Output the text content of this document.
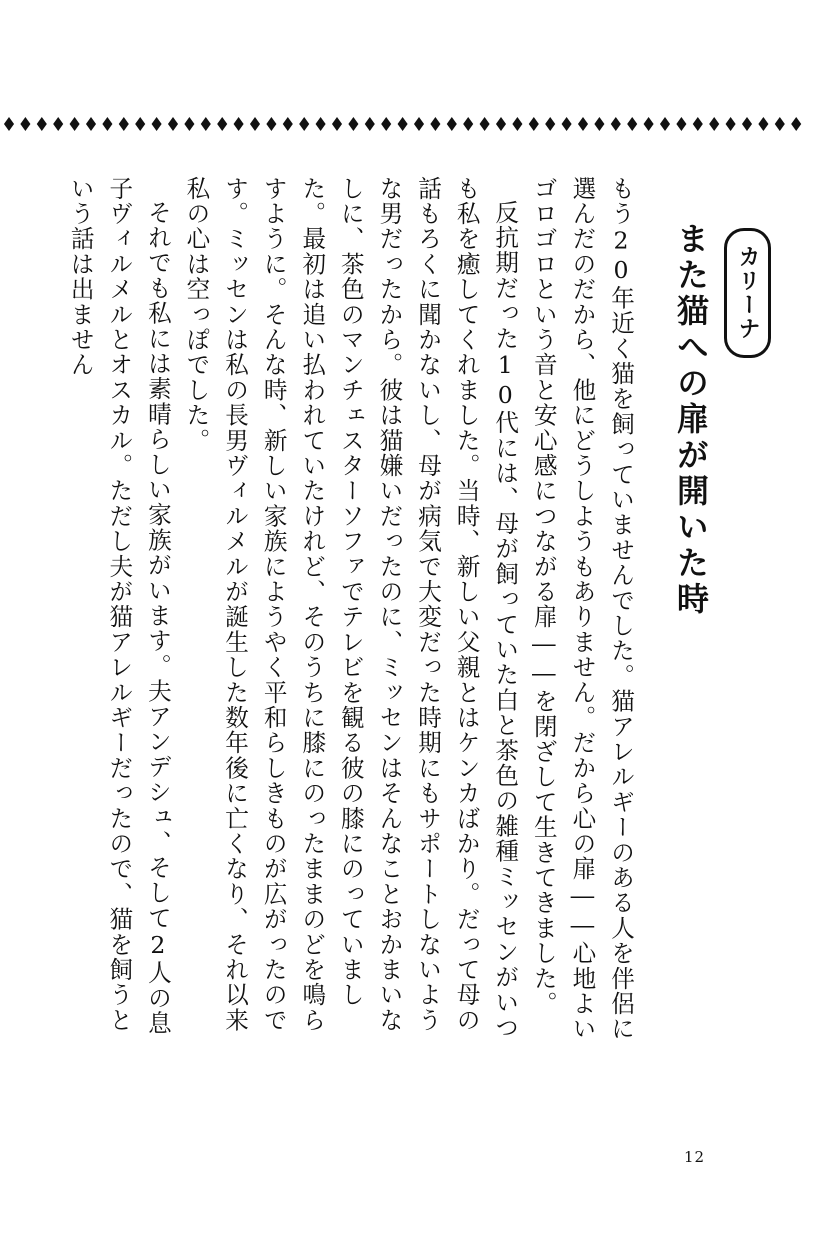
カリーナ
また猫への扉が開いた時

もう20年近く猫を飼っていませんでした。猫アレルギーのある人を伴侶に選んだのだから、他にどうしようもありません。だから心の扉――心地よいゴロゴロという音と安心感につながる扉――を閉ざして生きてきました。

反抗期だった10代には、母が飼っていた白と茶色の雑種ミッセンがいつも私を癒してくれました。当時、新しい父親とはケンカばかり。だって母の話もろくに聞かないし、母が病気で大変だった時期にもサポートしないような男だったから。彼は猫嫌いだったのに、ミッセンはそんなことおかまいなしに、茶色のマンチェスターソファでテレビを観る彼の膝にのっていました。最初は追い払われていたけれど、そのうちに膝にのったままのどを鳴らすように。そんな時、新しい家族にようやく平和らしきものが広がったのです。ミッセンは私の長男ヴィルメルが誕生した数年後に亡くなり、それ以来私の心は空っぽでした。

それでも私には素晴らしい家族がいます。夫アンデシュ、そして2人の息子ヴィルメルとオスカル。ただし夫が猫アレルギーだったので、猫を飼うという話は出ません

12
